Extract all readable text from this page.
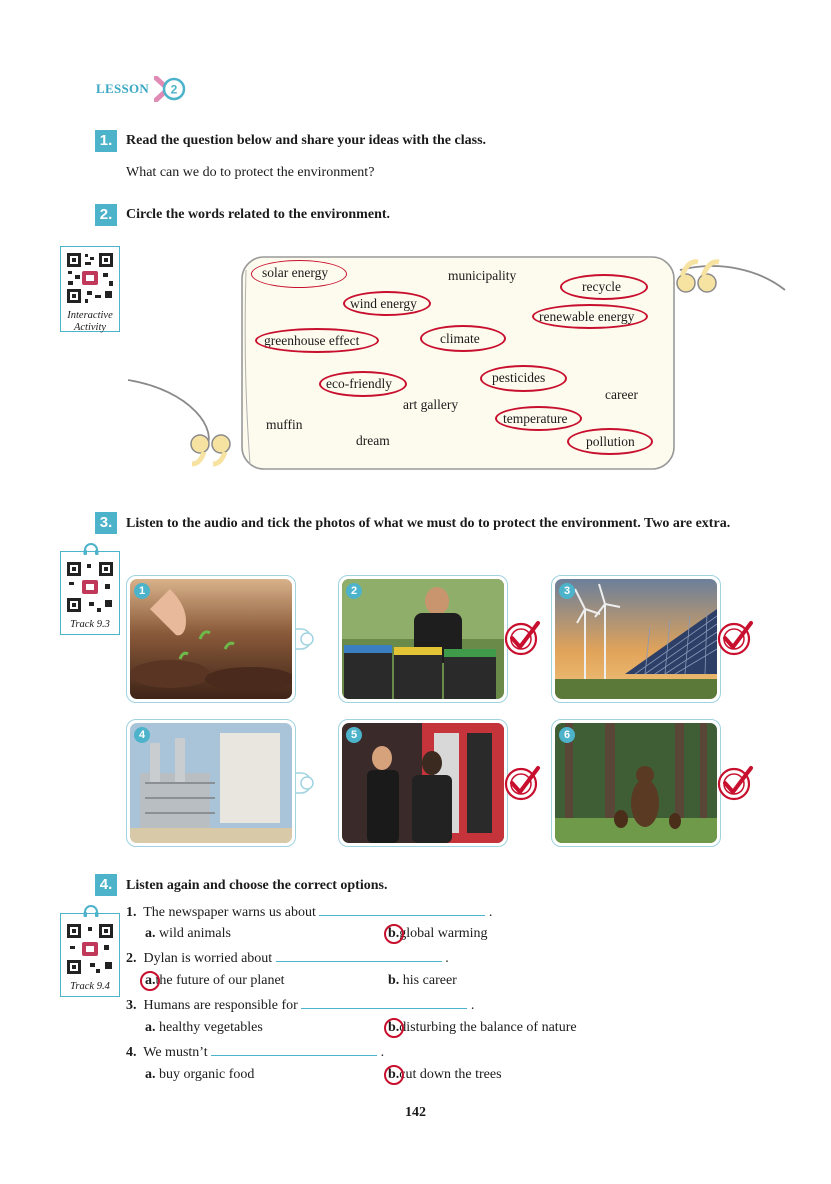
LESSON 2
1. Read the question below and share your ideas with the class.
What can we do to protect the environment?
2. Circle the words related to the environment.
Interactive
Activity
solar energy	municipality
recycle
wind energy
renewable energy
greenhouse effect	climate
eco-friendly	pesticides
career
art gallery
temperature
muffin
dream	pollution
3. Listen to the audio and tick the photos of what we must do to protect the environment. Two are extra.
Track 9.3
1	2	3
4	5	6
4. Listen again and choose the correct options.
Track 9.4
1. The newspaper warns us about	.
a. wild animals	b.global warming
2. Dylan is worried about	.
a.the future of our planet	b. his career
3. Humans are responsible for	.
a. healthy vegetables	b.disturbing the balance of nature
4. We mustn’t	.
a. buy organic food	b.cut down the trees
142
